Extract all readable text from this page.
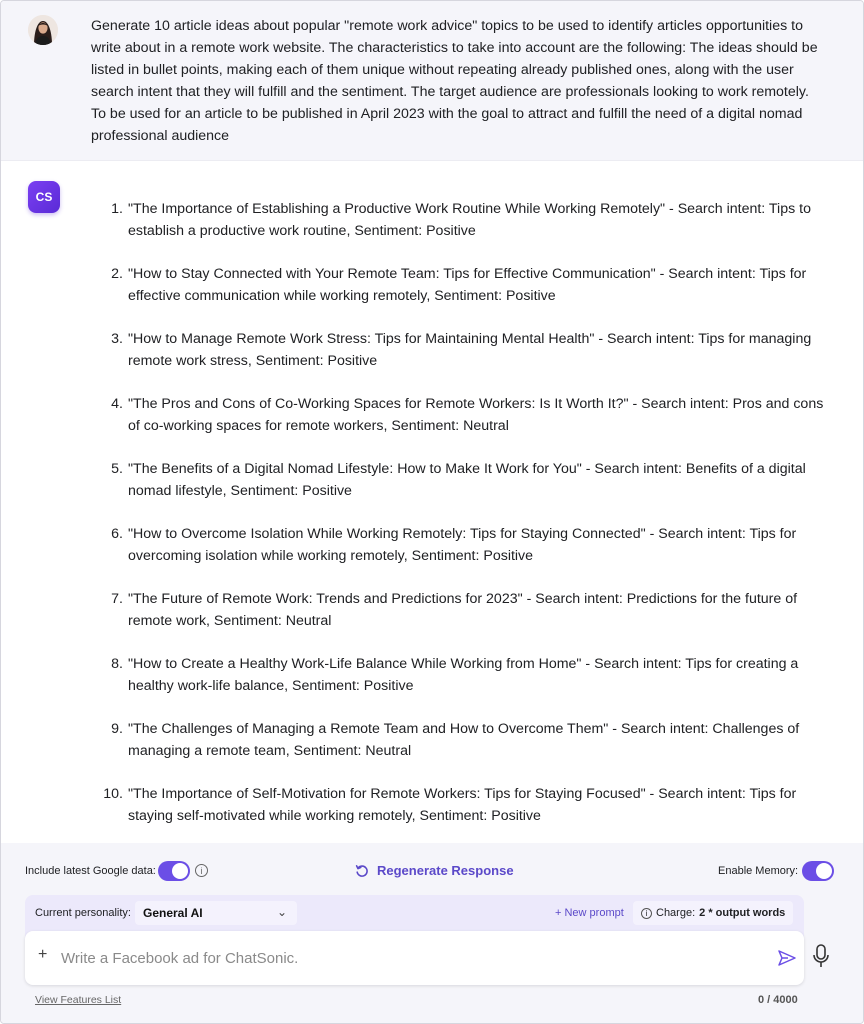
Generate 10 article ideas about popular "remote work advice" topics to be used to identify articles opportunities to write about in a remote work website. The characteristics to take into account are the following: The ideas should be listed in bullet points, making each of them unique without repeating already published ones, along with the user search intent that they will fulfill and the sentiment. The target audience are professionals looking to work remotely. To be used for an article to be published in April 2023 with the goal to attract and fulfill the need of a digital nomad professional audience

CS
1. "The Importance of Establishing a Productive Work Routine While Working Remotely" - Search intent: Tips to establish a productive work routine, Sentiment: Positive
2. "How to Stay Connected with Your Remote Team: Tips for Effective Communication" - Search intent: Tips for effective communication while working remotely, Sentiment: Positive
3. "How to Manage Remote Work Stress: Tips for Maintaining Mental Health" - Search intent: Tips for managing remote work stress, Sentiment: Positive
4. "The Pros and Cons of Co-Working Spaces for Remote Workers: Is It Worth It?" - Search intent: Pros and cons of co-working spaces for remote workers, Sentiment: Neutral
5. "The Benefits of a Digital Nomad Lifestyle: How to Make It Work for You" - Search intent: Benefits of a digital nomad lifestyle, Sentiment: Positive
6. "How to Overcome Isolation While Working Remotely: Tips for Staying Connected" - Search intent: Tips for overcoming isolation while working remotely, Sentiment: Positive
7. "The Future of Remote Work: Trends and Predictions for 2023" - Search intent: Predictions for the future of remote work, Sentiment: Neutral
8. "How to Create a Healthy Work-Life Balance While Working from Home" - Search intent: Tips for creating a healthy work-life balance, Sentiment: Positive
9. "The Challenges of Managing a Remote Team and How to Overcome Them" - Search intent: Challenges of managing a remote team, Sentiment: Neutral
10. "The Importance of Self-Motivation for Remote Workers: Tips for Staying Focused" - Search intent: Tips for staying self-motivated while working remotely, Sentiment: Positive
Include latest Google data:	i	Regenerate Response	Enable Memory:
Current personality:	General AI	⌄	+ New prompt	i Charge: 2 * output words
+
Write a Facebook ad for ChatSonic.
View Features List	0 / 4000
